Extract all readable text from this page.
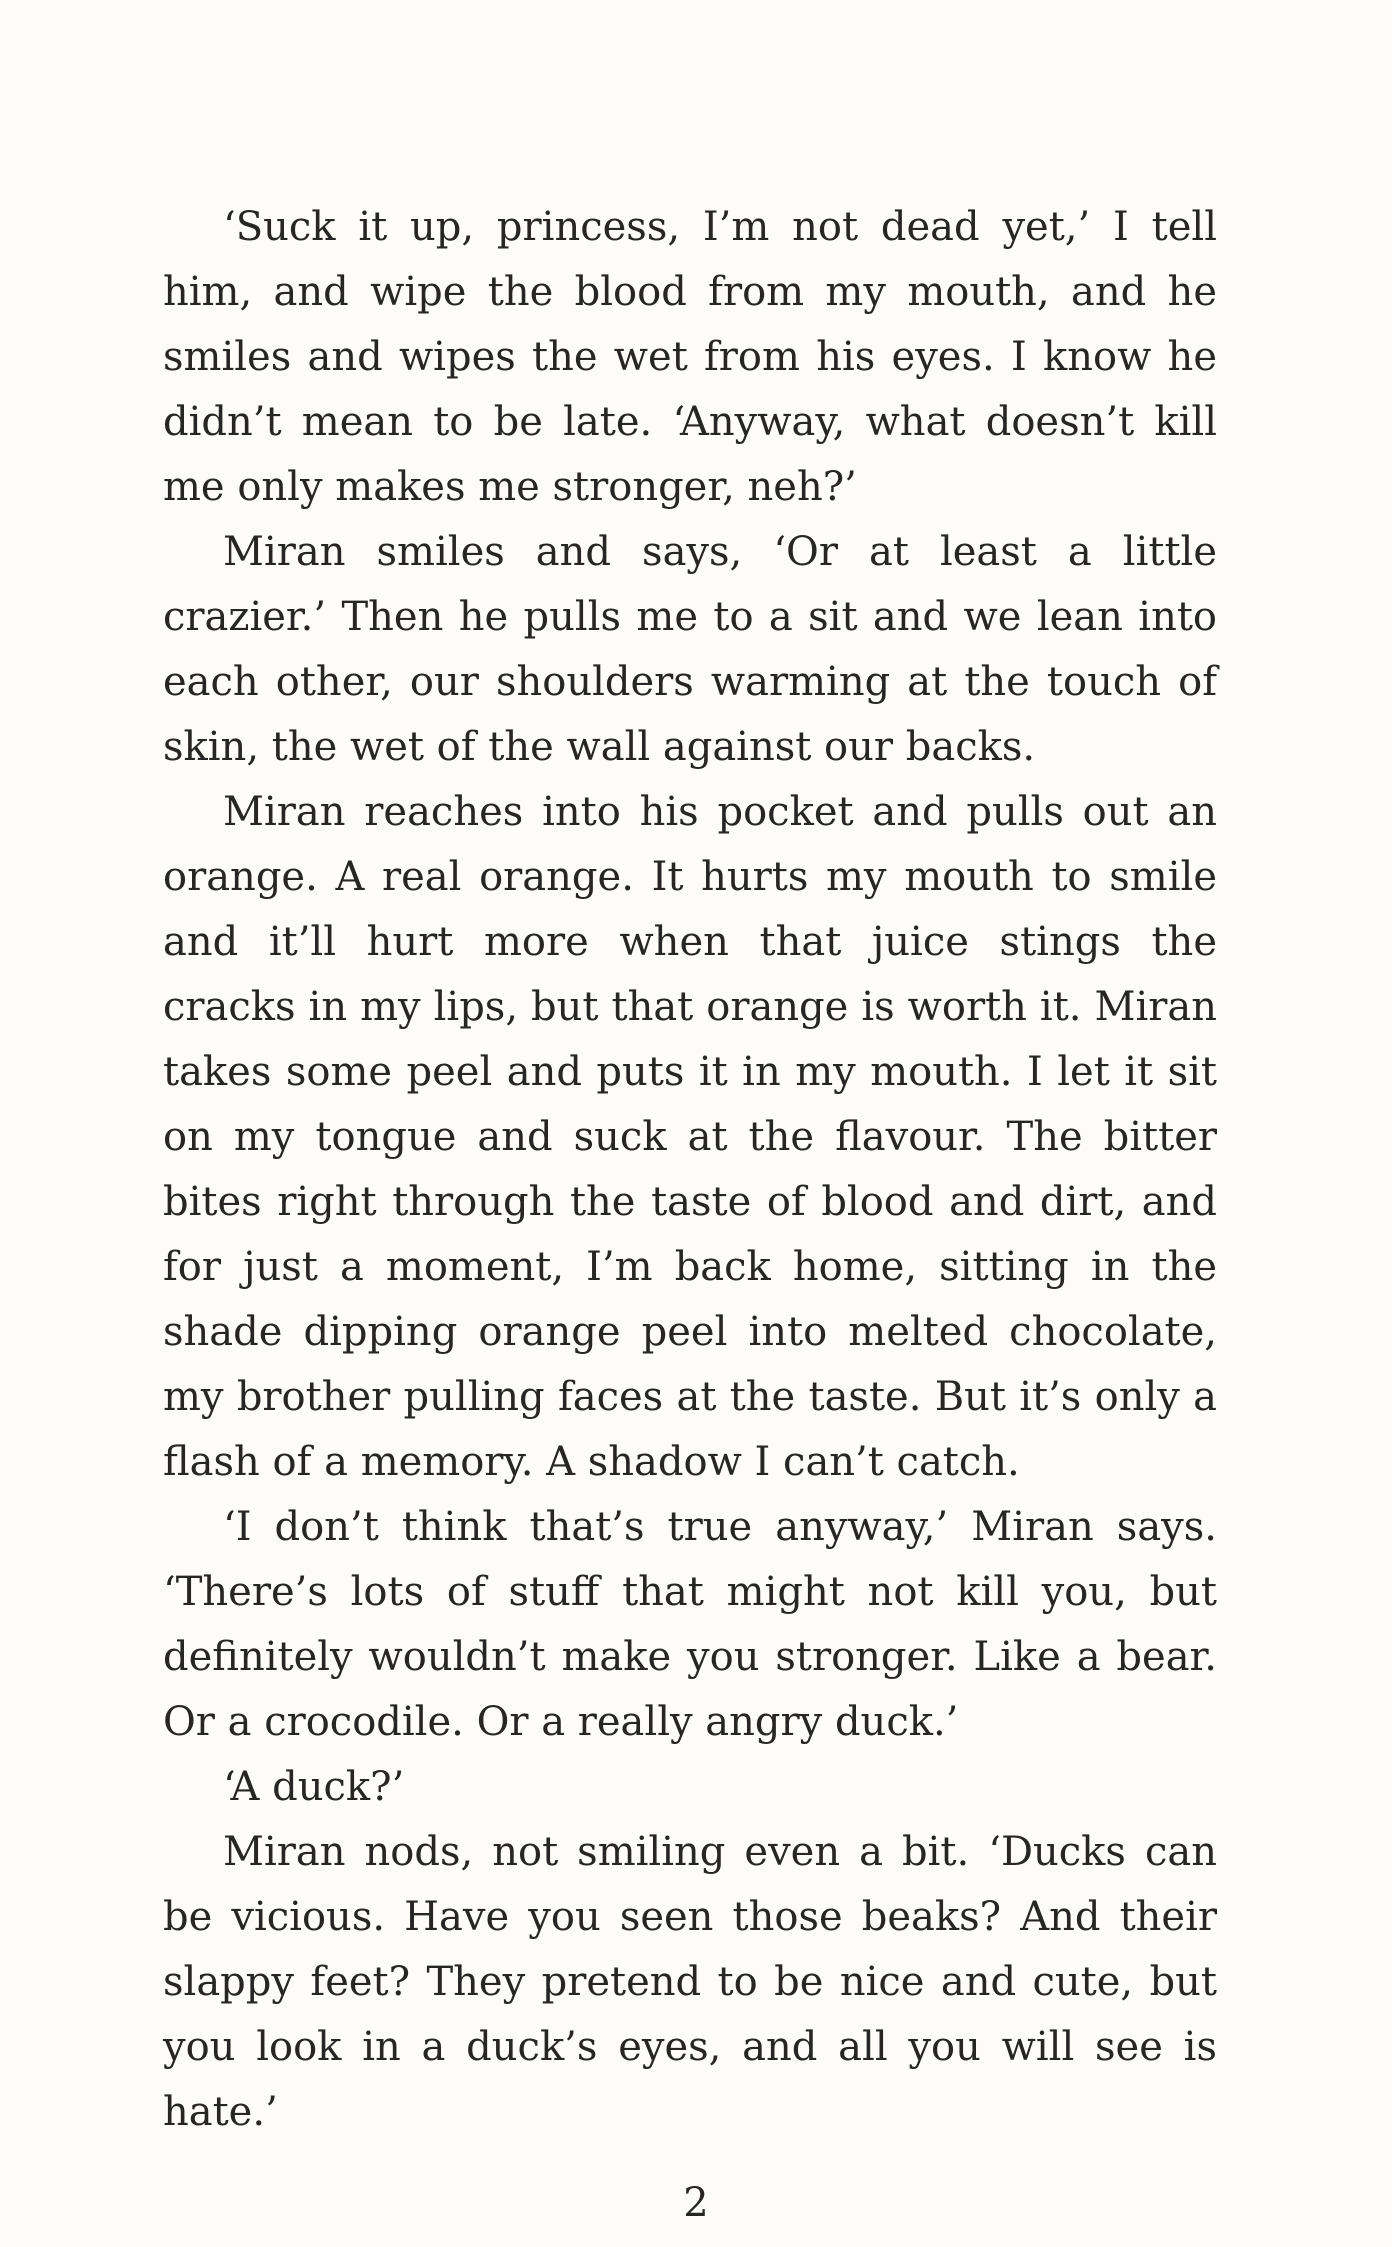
‘Suck it up, princess, I’m not dead yet,’ I tell him, and wipe the blood from my mouth, and he smiles and wipes the wet from his eyes. I know he didn’t mean to be late. ‘Anyway, what doesn’t kill me only makes me stronger, neh?’

Miran smiles and says, ‘Or at least a little crazier.’ Then he pulls me to a sit and we lean into each other, our shoulders warming at the touch of skin, the wet of the wall against our backs.

Miran reaches into his pocket and pulls out an orange. A real orange. It hurts my mouth to smile and it’ll hurt more when that juice stings the cracks in my lips, but that orange is worth it. Miran takes some peel and puts it in my mouth. I let it sit on my tongue and suck at the flavour. The bitter bites right through the taste of blood and dirt, and for just a moment, I’m back home, sitting in the shade dipping orange peel into melted chocolate, my brother pulling faces at the taste. But it’s only a flash of a memory. A shadow I can’t catch.

‘I don’t think that’s true anyway,’ Miran says. ‘There’s lots of stuff that might not kill you, but definitely wouldn’t make you stronger. Like a bear. Or a crocodile. Or a really angry duck.’

‘A duck?’

Miran nods, not smiling even a bit. ‘Ducks can be vicious. Have you seen those beaks? And their slappy feet? They pretend to be nice and cute, but you look in a duck’s eyes, and all you will see is hate.’

2
